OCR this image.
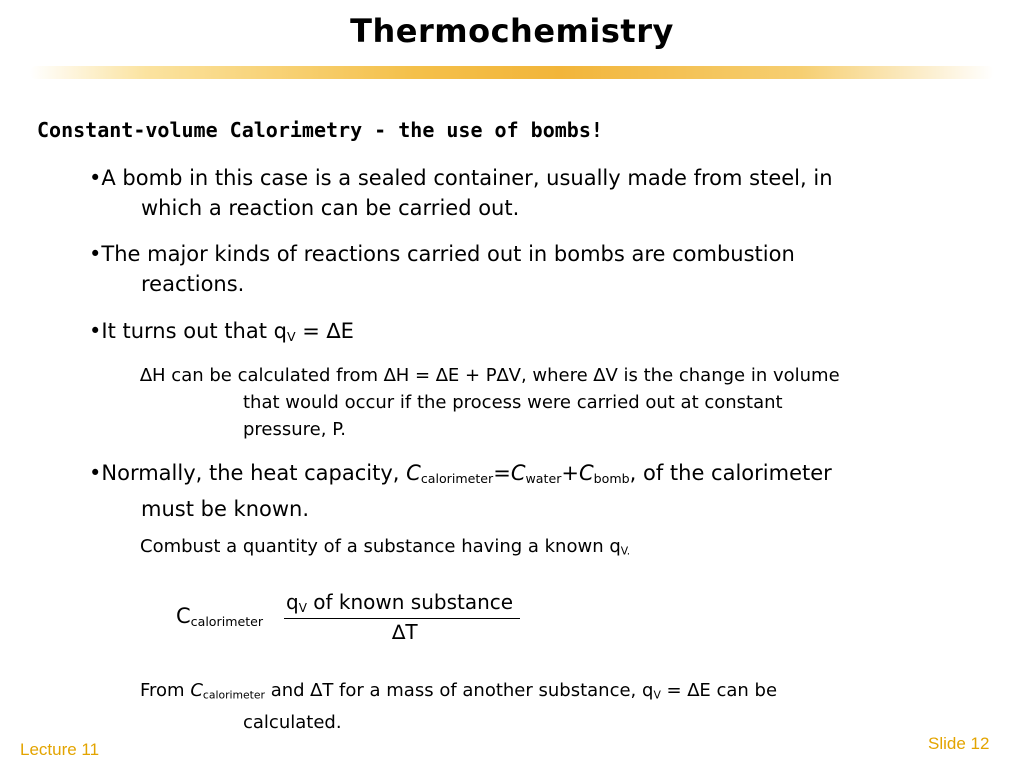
Thermochemistry
Constant-volume Calorimetry - the use of bombs!
•A bomb in this case is a sealed container, usually made from steel, in
which a reaction can be carried out.
•The major kinds of reactions carried out in bombs are combustion
reactions.
•It turns out that $q_V = \Delta E$
∆H can be calculated from ∆H = ∆E + P∆V, where ∆V is the change in volume
that would occur if the process were carried out at constant
pressure, P.
•Normally, the heat capacity, $C_{calorimeter}=C_{water}+C_{bomb}$, of the calorimeter
must be known.
Combust a quantity of a substance having a known $q_{V.}$
$C_{calorimeter}$
$q_V$ of known substance
∆T
From $C_{calorimeter}$ and ∆T for a mass of another substance, $q_V = \Delta E$ can be
calculated.
Lecture 11	Slide 12
